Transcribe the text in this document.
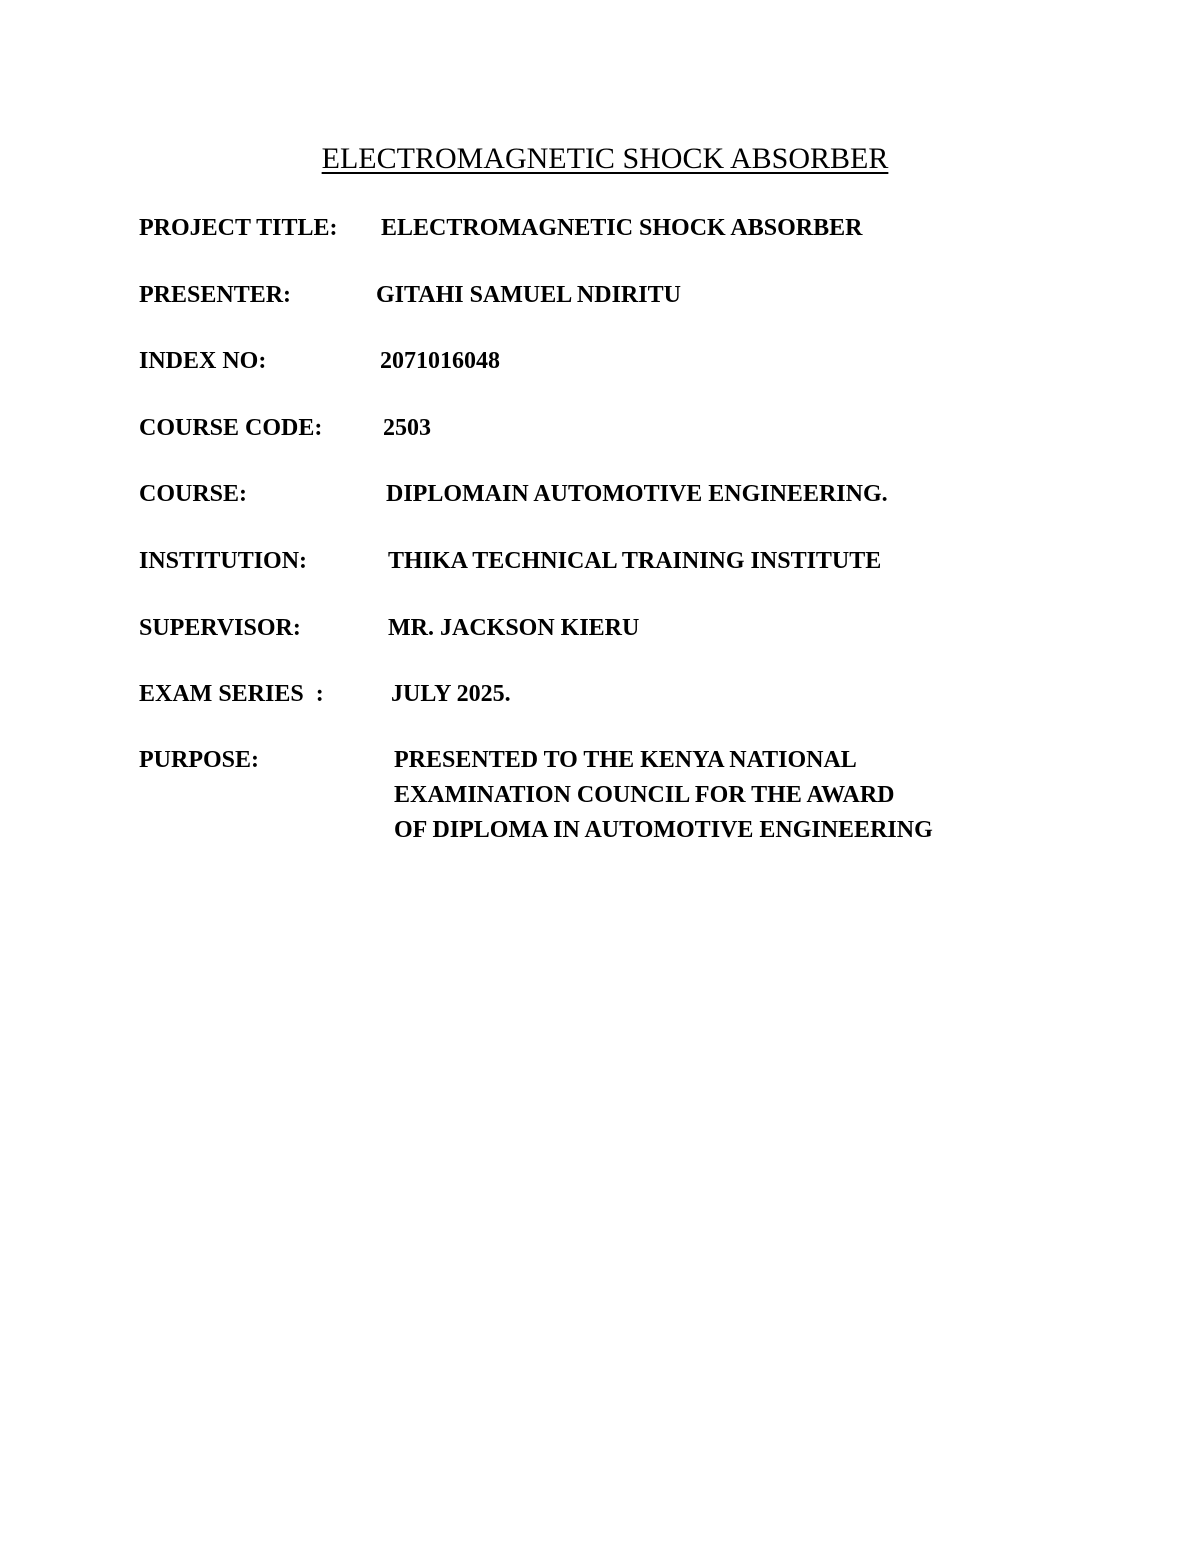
ELECTROMAGNETIC SHOCK ABSORBER
PROJECT TITLE: ELECTROMAGNETIC SHOCK ABSORBER
PRESENTER:	GITAHI SAMUEL NDIRITU
INDEX NO:	2071016048
COURSE CODE:	2503
COURSE:	DIPLOMAIN AUTOMOTIVE ENGINEERING.
INSTITUTION:	THIKA TECHNICAL TRAINING INSTITUTE
SUPERVISOR:	MR. JACKSON KIERU
EXAM SERIES  :	JULY 2025.
PURPOSE:	PRESENTED TO THE KENYA NATIONAL
EXAMINATION COUNCIL FOR THE AWARD
OF DIPLOMA IN AUTOMOTIVE ENGINEERING
